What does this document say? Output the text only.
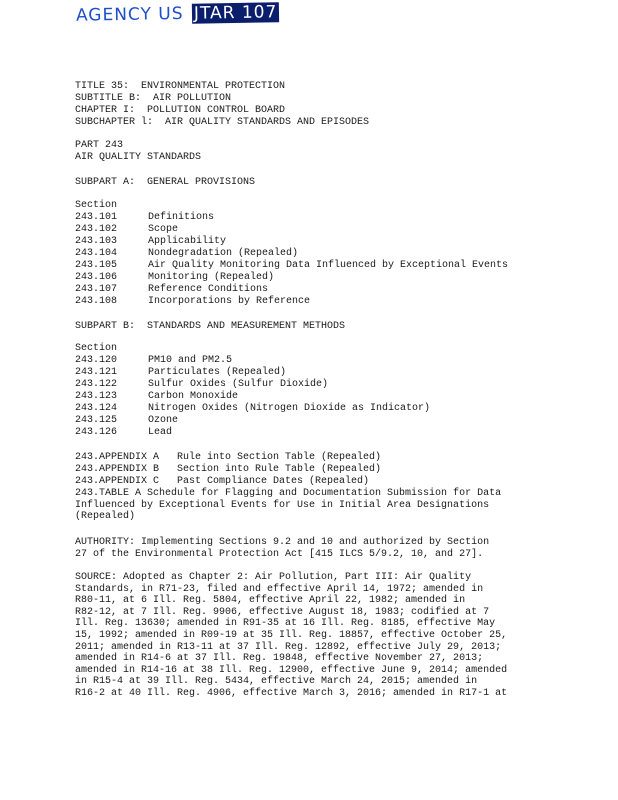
AGENCY US JTAR 107
TITLE 35:  ENVIRONMENTAL PROTECTION
SUBTITLE B:  AIR POLLUTION
CHAPTER I:  POLLUTION CONTROL BOARD
SUBCHAPTER l:  AIR QUALITY STANDARDS AND EPISODES
PART 243
AIR QUALITY STANDARDS
SUBPART A:  GENERAL PROVISIONS
Section
243.101	Definitions
243.102	Scope
243.103	Applicability
243.104	Nondegradation (Repealed)
243.105	Air Quality Monitoring Data Influenced by Exceptional Events
243.106	Monitoring (Repealed)
243.107	Reference Conditions
243.108	Incorporations by Reference
SUBPART B:  STANDARDS AND MEASUREMENT METHODS
Section
243.120	PM10 and PM2.5
243.121	Particulates (Repealed)
243.122	Sulfur Oxides (Sulfur Dioxide)
243.123	Carbon Monoxide
243.124	Nitrogen Oxides (Nitrogen Dioxide as Indicator)
243.125	Ozone
243.126	Lead
243.APPENDIX A   Rule into Section Table (Repealed)
243.APPENDIX B   Section into Rule Table (Repealed)
243.APPENDIX C   Past Compliance Dates (Repealed)
243.TABLE A Schedule for Flagging and Documentation Submission for Data
Influenced by Exceptional Events for Use in Initial Area Designations
(Repealed)
AUTHORITY: Implementing Sections 9.2 and 10 and authorized by Section
27 of the Environmental Protection Act [415 ILCS 5/9.2, 10, and 27].
SOURCE: Adopted as Chapter 2: Air Pollution, Part III: Air Quality
Standards, in R71-23, filed and effective April 14, 1972; amended in
R80-11, at 6 Ill. Reg. 5804, effective April 22, 1982; amended in
R82-12, at 7 Ill. Reg. 9906, effective August 18, 1983; codified at 7
Ill. Reg. 13630; amended in R91-35 at 16 Ill. Reg. 8185, effective May
15, 1992; amended in R09-19 at 35 Ill. Reg. 18857, effective October 25,
2011; amended in R13-11 at 37 Ill. Reg. 12892, effective July 29, 2013;
amended in R14-6 at 37 Ill. Reg. 19848, effective November 27, 2013;
amended in R14-16 at 38 Ill. Reg. 12900, effective June 9, 2014; amended
in R15-4 at 39 Ill. Reg. 5434, effective March 24, 2015; amended in
R16-2 at 40 Ill. Reg. 4906, effective March 3, 2016; amended in R17-1 at
